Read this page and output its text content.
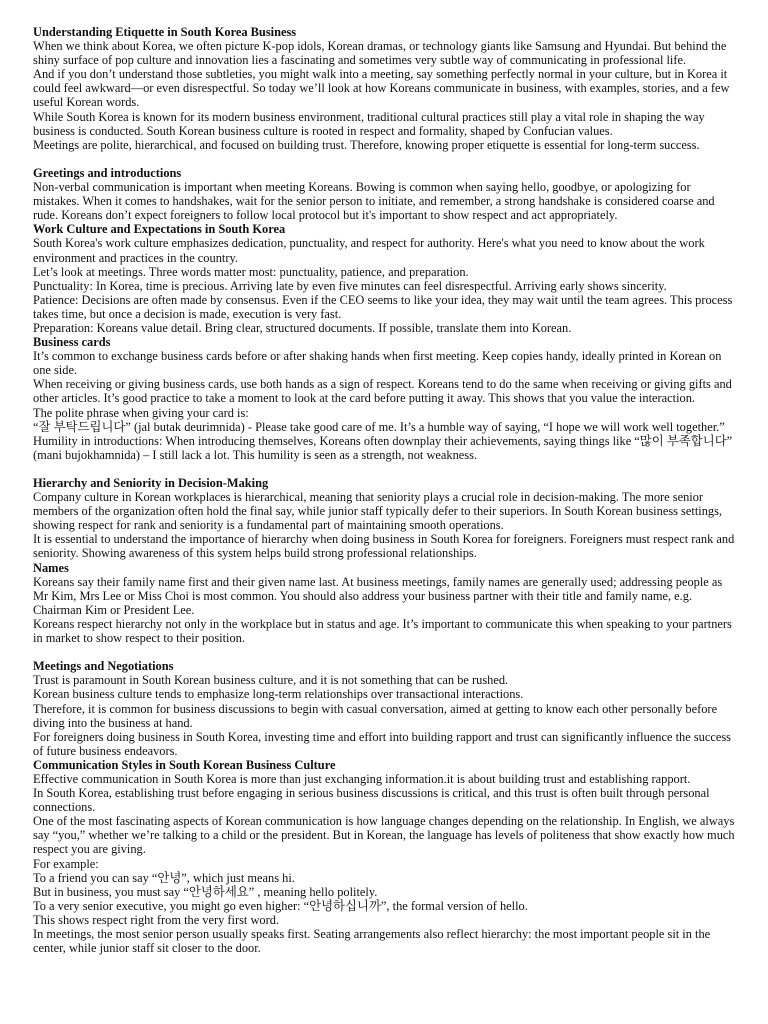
Understanding Etiquette in South Korea Business

When we think about Korea, we often picture K-pop idols, Korean dramas, or technology giants like Samsung and Hyundai. But behind the shiny surface of pop culture and innovation lies a fascinating and sometimes very subtle way of communicating in professional life.

And if you don’t understand those subtleties, you might walk into a meeting, say something perfectly normal in your culture, but in Korea it could feel awkward—or even disrespectful. So today we’ll look at how Koreans communicate in business, with examples, stories, and a few useful Korean words.

While South Korea is known for its modern business environment, traditional cultural practices still play a vital role in shaping the way business is conducted. South Korean business culture is rooted in respect and formality, shaped by Confucian values.

Meetings are polite, hierarchical, and focused on building trust. Therefore, knowing proper etiquette is essential for long-term success.

Greetings and introductions

Non-verbal communication is important when meeting Koreans. Bowing is common when saying hello, goodbye, or apologizing for mistakes. When it comes to handshakes, wait for the senior person to initiate, and remember, a strong handshake is considered coarse and rude. Koreans don’t expect foreigners to follow local protocol but it's important to show respect and act appropriately.

Work Culture and Expectations in South Korea

South Korea's work culture emphasizes dedication, punctuality, and respect for authority. Here's what you need to know about the work environment and practices in the country.

Let’s look at meetings. Three words matter most: punctuality, patience, and preparation.

Punctuality: In Korea, time is precious. Arriving late by even five minutes can feel disrespectful. Arriving early shows sincerity.

Patience: Decisions are often made by consensus. Even if the CEO seems to like your idea, they may wait until the team agrees. This process takes time, but once a decision is made, execution is very fast.

Preparation: Koreans value detail. Bring clear, structured documents. If possible, translate them into Korean.

Business cards

It’s common to exchange business cards before or after shaking hands when first meeting. Keep copies handy, ideally printed in Korean on one side.

When receiving or giving business cards, use both hands as a sign of respect. Koreans tend to do the same when receiving or giving gifts and other articles. It’s good practice to take a moment to look at the card before putting it away. This shows that you value the interaction.

The polite phrase when giving your card is:

“잘 부탁드립니다” (jal butak deurimnida) - Please take good care of me. It’s a humble way of saying, “I hope we will work well together.”

Humility in introductions: When introducing themselves, Koreans often downplay their achievements, saying things like “많이 부족합니다” (mani bujokhamnida) – I still lack a lot. This humility is seen as a strength, not weakness.

Hierarchy and Seniority in Decision-Making

Company culture in Korean workplaces is hierarchical, meaning that seniority plays a crucial role in decision-making. The more senior members of the organization often hold the final say, while junior staff typically defer to their superiors. In South Korean business settings, showing respect for rank and seniority is a fundamental part of maintaining smooth operations.

It is essential to understand the importance of hierarchy when doing business in South Korea for foreigners. Foreigners must respect rank and seniority. Showing awareness of this system helps build strong professional relationships.

Names

Koreans say their family name first and their given name last. At business meetings, family names are generally used; addressing people as Mr Kim, Mrs Lee or Miss Choi is most common. You should also address your business partner with their title and family name, e.g. Chairman Kim or President Lee.

Koreans respect hierarchy not only in the workplace but in status and age. It’s important to communicate this when speaking to your partners in market to show respect to their position.

Meetings and Negotiations

Trust is paramount in South Korean business culture, and it is not something that can be rushed.

Korean business culture tends to emphasize long-term relationships over transactional interactions.

Therefore, it is common for business discussions to begin with casual conversation, aimed at getting to know each other personally before diving into the business at hand.

For foreigners doing business in South Korea, investing time and effort into building rapport and trust can significantly influence the success of future business endeavors.

Communication Styles in South Korean Business Culture

Effective communication in South Korea is more than just exchanging information.it is about building trust and establishing rapport.

In South Korea, establishing trust before engaging in serious business discussions is critical, and this trust is often built through personal connections.

One of the most fascinating aspects of Korean communication is how language changes depending on the relationship. In English, we always say “you,” whether we’re talking to a child or the president. But in Korean, the language has levels of politeness that show exactly how much respect you are giving.

For example:

To a friend you can say “안녕”, which just means hi.

But in business, you must say “안녕하세요” , meaning hello politely.

To a very senior executive, you might go even higher: “안녕하십니까”, the formal version of hello.

This shows respect right from the very first word.

In meetings, the most senior person usually speaks first. Seating arrangements also reflect hierarchy: the most important people sit in the center, while junior staff sit closer to the door.
